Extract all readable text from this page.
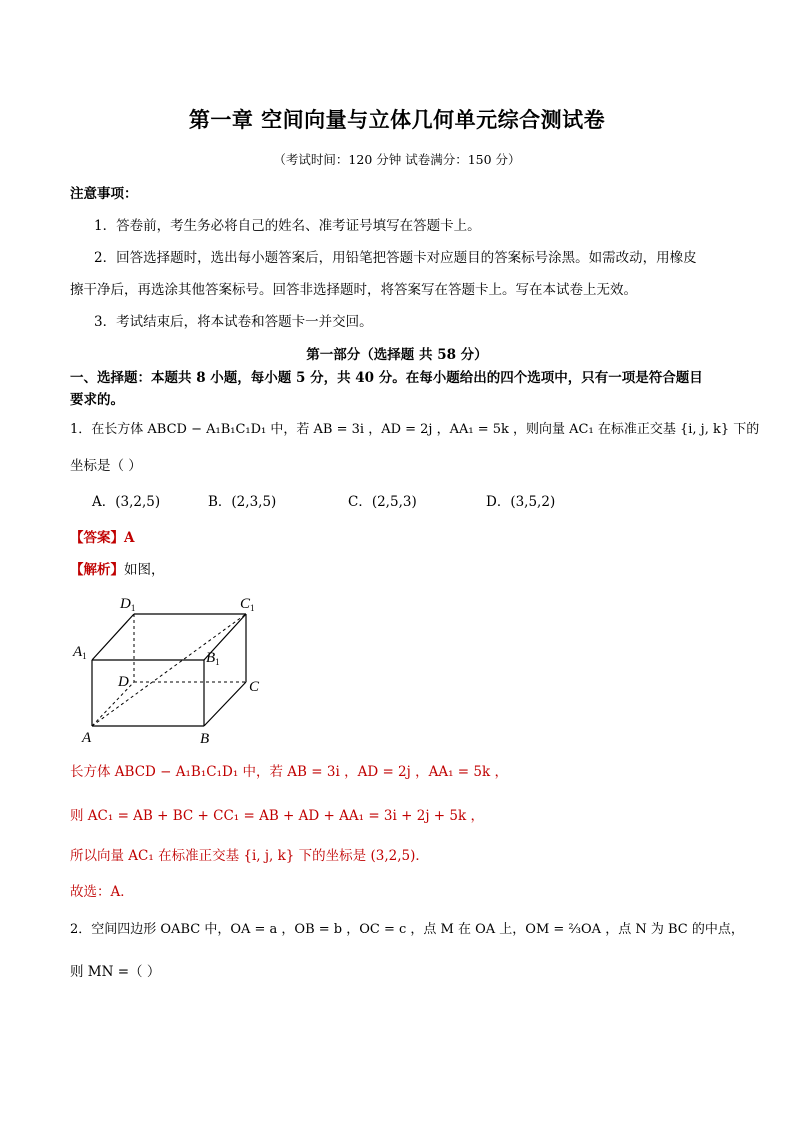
第一章 空间向量与立体几何单元综合测试卷
（考试时间：120 分钟 试卷满分：150 分）
注意事项：
1．答卷前，考生务必将自己的姓名、准考证号填写在答题卡上。
2．回答选择题时，选出每小题答案后，用铅笔把答题卡对应题目的答案标号涂黑。如需改动，用橡皮
擦干净后，再选涂其他答案标号。回答非选择题时，将答案写在答题卡上。写在本试卷上无效。
3．考试结束后，将本试卷和答题卡一并交回。
第一部分（选择题 共 58 分）
一、选择题：本题共 8 小题，每小题 5 分，共 40 分。在每小题给出的四个选项中，只有一项是符合题目
要求的。
1．在长方体 ABCD − A₁B₁C₁D₁ 中，若 AB = 3i ，AD = 2j ，AA₁ = 5k ，则向量 AC₁ 在标准正交基 {i, j, k} 下的
坐标是（ ）
A．(3,2,5)	B．(2,3,5)	C．(2,5,3)	D．(3,5,2)
【答案】A
【解析】如图，
$D_1$	$C_1$
$A_1$	$B_1$
D	C
A	B
长方体 ABCD − A₁B₁C₁D₁ 中，若 AB = 3i ，AD = 2j ，AA₁ = 5k ，
则 AC₁ = AB + BC + CC₁ = AB + AD + AA₁ = 3i + 2j + 5k ，
所以向量 AC₁ 在标准正交基 {i, j, k} 下的坐标是 (3,2,5)．
故选：A．
2．空间四边形 OABC 中，OA = a ，OB = b ，OC = c ，点 M 在 OA 上，OM = ⅔OA ，点 N 为 BC 的中点，
则 MN =（ ）
